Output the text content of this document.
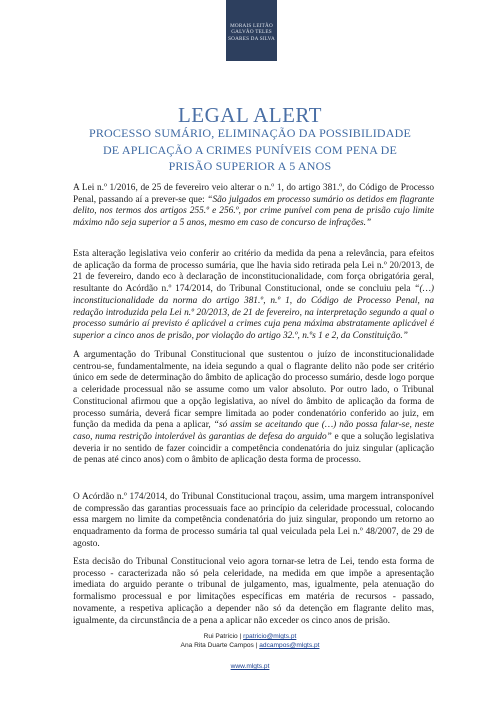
MORAIS LEITÃO
GALVÃO TELES
SOARES DA SILVA
LEGAL ALERT
PROCESSO SUMÁRIO, ELIMINAÇÃO DA POSSIBILIDADE DE APLICAÇÃO A CRIMES PUNÍVEIS COM PENA DE PRISÃO SUPERIOR A 5 ANOS

A Lei n.º 1/2016, de 25 de fevereiro veio alterar o n.º 1, do artigo 381.º, do Código de Processo Penal, passando aí a prever-se que: “São julgados em processo sumário os detidos em flagrante delito, nos termos dos artigos 255.º e 256.º, por crime punível com pena de prisão cujo limite máximo não seja superior a 5 anos, mesmo em caso de concurso de infrações.”

Esta alteração legislativa veio conferir ao critério da medida da pena a relevância, para efeitos de aplicação da forma de processo sumária, que lhe havia sido retirada pela Lei n.º 20/2013, de 21 de fevereiro, dando eco à declaração de inconstitucionalidade, com força obrigatória geral, resultante do Acórdão n.º 174/2014, do Tribunal Constitucional, onde se concluiu pela “(…) inconstitucionalidade da norma do artigo 381.º, n.º 1, do Código de Processo Penal, na redação introduzida pela Lei n.º 20/2013, de 21 de fevereiro, na interpretação segundo a qual o processo sumário aí previsto é aplicável a crimes cuja pena máxima abstratamente aplicável é superior a cinco anos de prisão, por violação do artigo 32.º, n.ºs 1 e 2, da Constituição.”

A argumentação do Tribunal Constitucional que sustentou o juízo de inconstitucionalidade centrou-se, fundamentalmente, na ideia segundo a qual o flagrante delito não pode ser critério único em sede de determinação do âmbito de aplicação do processo sumário, desde logo porque a celeridade processual não se assume como um valor absoluto. Por outro lado, o Tribunal Constitucional afirmou que a opção legislativa, ao nível do âmbito de aplicação da forma de processo sumária, deverá ficar sempre limitada ao poder condenatório conferido ao juiz, em função da medida da pena a aplicar, “só assim se aceitando que (…) não possa falar-se, neste caso, numa restrição intolerável às garantias de defesa do arguido” e que a solução legislativa deveria ir no sentido de fazer coincidir a competência condenatória do juiz singular (aplicação de penas até cinco anos) com o âmbito de aplicação desta forma de processo.

O Acórdão n.º 174/2014, do Tribunal Constitucional traçou, assim, uma margem intransponível de compressão das garantias processuais face ao princípio da celeridade processual, colocando essa margem no limite da competência condenatória do juiz singular, propondo um retorno ao enquadramento da forma de processo sumária tal qual veiculada pela Lei n.º 48/2007, de 29 de agosto.

Esta decisão do Tribunal Constitucional veio agora tornar-se letra de Lei, tendo esta forma de processo - caracterizada não só pela celeridade, na medida em que impõe a apresentação imediata do arguido perante o tribunal de julgamento, mas, igualmente, pela atenuação do formalismo processual e por limitações específicas em matéria de recursos - passado, novamente, a respetiva aplicação a depender não só da detenção em flagrante delito mas, igualmente, da circunstância de a pena a aplicar não exceder os cinco anos de prisão.

Rui Patrício | rpatricio@mlgts.pt
Ana Rita Duarte Campos | adcampos@mlgts.pt
www.mlgts.pt
